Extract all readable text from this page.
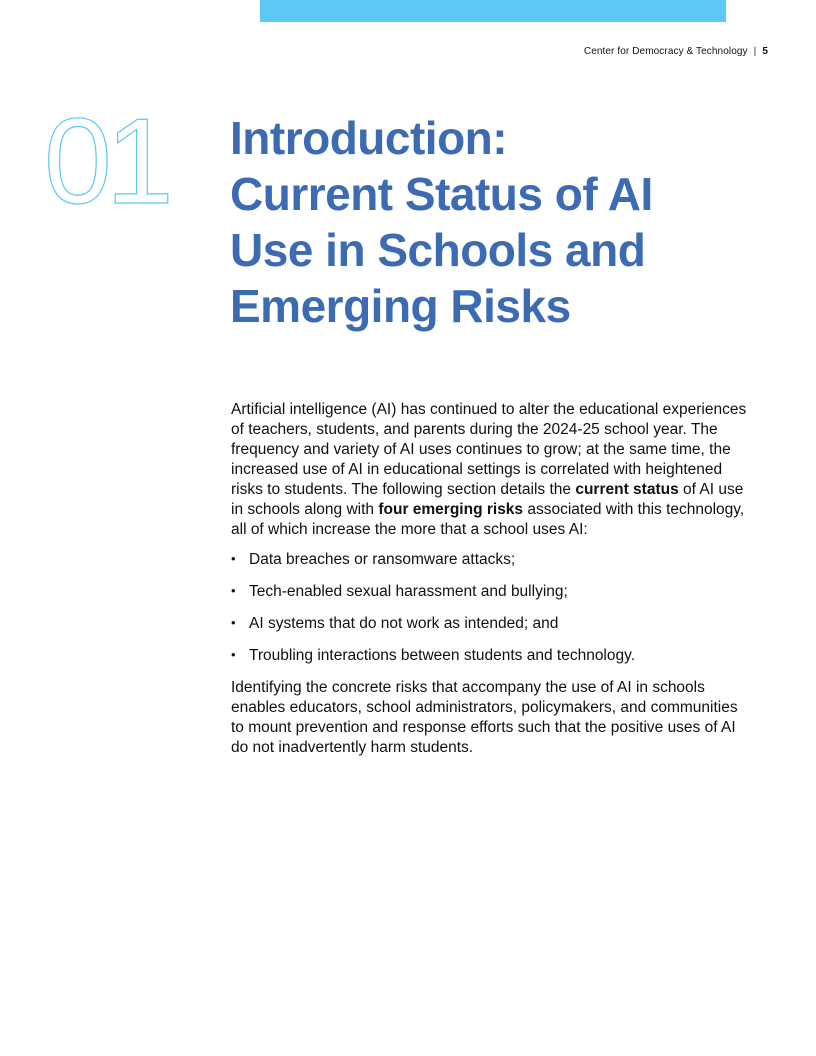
Center for Democracy & Technology | 5
01 Introduction:
Current Status of AI
Use in Schools and
Emerging Risks

Artificial intelligence (AI) has continued to alter the educational experiences of teachers, students, and parents during the 2024-25 school year. The frequency and variety of AI uses continues to grow; at the same time, the increased use of AI in educational settings is correlated with heightened risks to students. The following section details the current status of AI use in schools along with four emerging risks associated with this technology, all of which increase the more that a school uses AI:

• Data breaches or ransomware attacks;
• Tech-enabled sexual harassment and bullying;
• AI systems that do not work as intended; and
• Troubling interactions between students and technology.

Identifying the concrete risks that accompany the use of AI in schools enables educators, school administrators, policymakers, and communities to mount prevention and response efforts such that the positive uses of AI do not inadvertently harm students.
